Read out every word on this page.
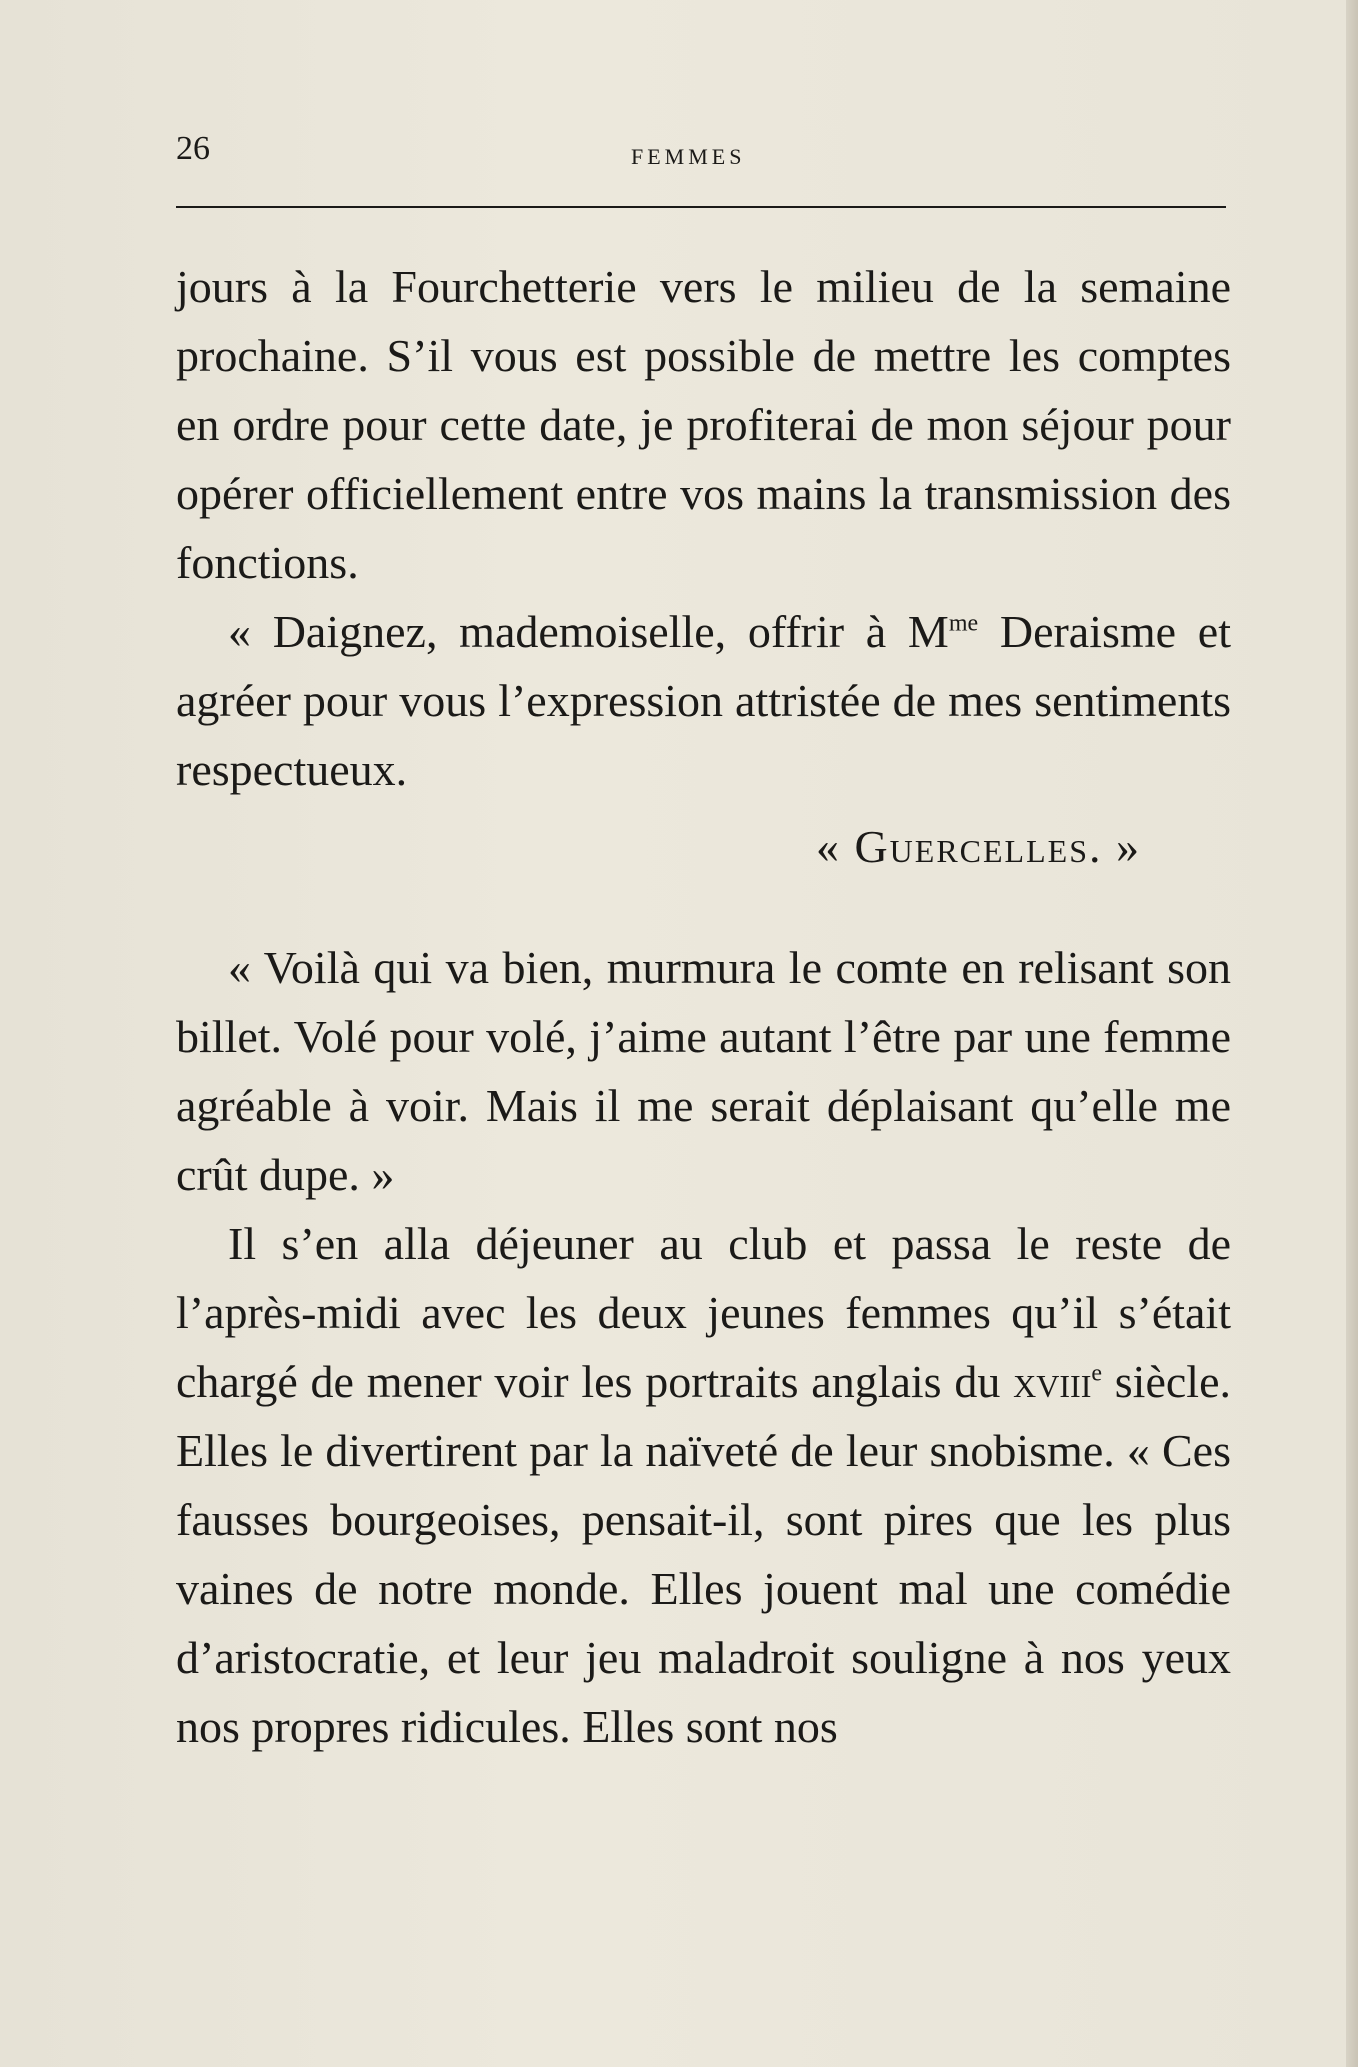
26	FEMMES

jours à la Fourchetterie vers le milieu de la semaine prochaine. S’il vous est possible de mettre les comptes en ordre pour cette date, je profiterai de mon séjour pour opérer officiellement entre vos mains la transmission des fonctions.

« Daignez, mademoiselle, offrir à $M^{me}$ Deraisme et agréer pour vous l’expression attristée de mes sentiments respectueux.

« Guercelles. »

« Voilà qui va bien, murmura le comte en relisant son billet. Volé pour volé, j’aime autant l’être par une femme agréable à voir. Mais il me serait déplaisant qu’elle me crût dupe. »

Il s’en alla déjeuner au club et passa le reste de l’après-midi avec les deux jeunes femmes qu’il s’était chargé de mener voir les portraits anglais du xviii$^e$ siècle. Elles le divertirent par la naïveté de leur snobisme. « Ces fausses bourgeoises, pensait-il, sont pires que les plus vaines de notre monde. Elles jouent mal une comédie d’aristocratie, et leur jeu maladroit souligne à nos yeux nos propres ridicules. Elles sont nos
